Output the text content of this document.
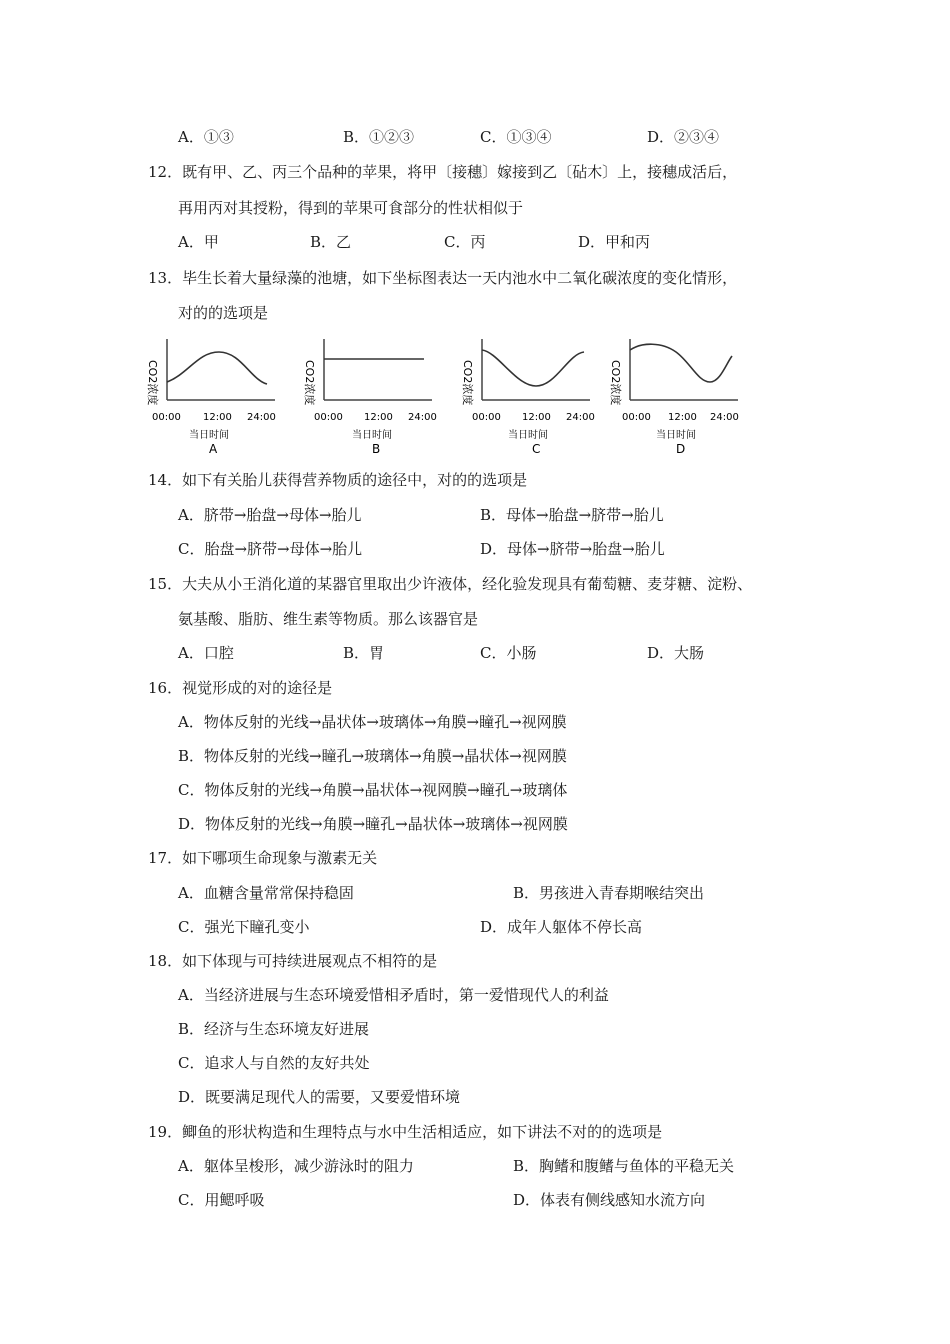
A．①③	B．①②③	C．①③④	D．②③④
12．既有甲、乙、丙三个品种的苹果，将甲〔接穗〕嫁接到乙〔砧木〕上，接穗成活后，
再用丙对其授粉，得到的苹果可食部分的性状相似于
A．甲	B．乙	C．丙	D．甲和丙
13．毕生长着大量绿藻的池塘，如下坐标图表达一天内池水中二氧化碳浓度的变化情形，
对的的选项是
CO2浓度
00:00 12:00 24:00
当日时间
A
CO2浓度
00:00 12:00 24:00
当日时间
B
CO2浓度
00:00 12:00 24:00
当日时间
C
CO2浓度
00:00 12:00 24:00
当日时间
D
14．如下有关胎儿获得营养物质的途径中，对的的选项是
A．脐带→胎盘→母体→胎儿	B．母体→胎盘→脐带→胎儿
C．胎盘→脐带→母体→胎儿	D．母体→脐带→胎盘→胎儿
15．大夫从小王消化道的某器官里取出少许液体，经化验发现具有葡萄糖、麦芽糖、淀粉、
氨基酸、脂肪、维生素等物质。那么该器官是
A．口腔	B．胃	C．小肠	D．大肠
16．视觉形成的对的途径是
A．物体反射的光线→晶状体→玻璃体→角膜→瞳孔→视网膜
B．物体反射的光线→瞳孔→玻璃体→角膜→晶状体→视网膜
C．物体反射的光线→角膜→晶状体→视网膜→瞳孔→玻璃体
D．物体反射的光线→角膜→瞳孔→晶状体→玻璃体→视网膜
17．如下哪项生命现象与激素无关
A．血糖含量常常保持稳固	B．男孩进入青春期喉结突出
C．强光下瞳孔变小	D．成年人躯体不停长高
18．如下体现与可持续进展观点不相符的是
A．当经济进展与生态环境爱惜相矛盾时，第一爱惜现代人的利益
B．经济与生态环境友好进展
C．追求人与自然的友好共处
D．既要满足现代人的需要，又要爱惜环境
19．鲫鱼的形状构造和生理特点与水中生活相适应，如下讲法不对的的选项是
A．躯体呈梭形，减少游泳时的阻力	B．胸鳍和腹鳍与鱼体的平稳无关
C．用鳃呼吸	D．体表有侧线感知水流方向
